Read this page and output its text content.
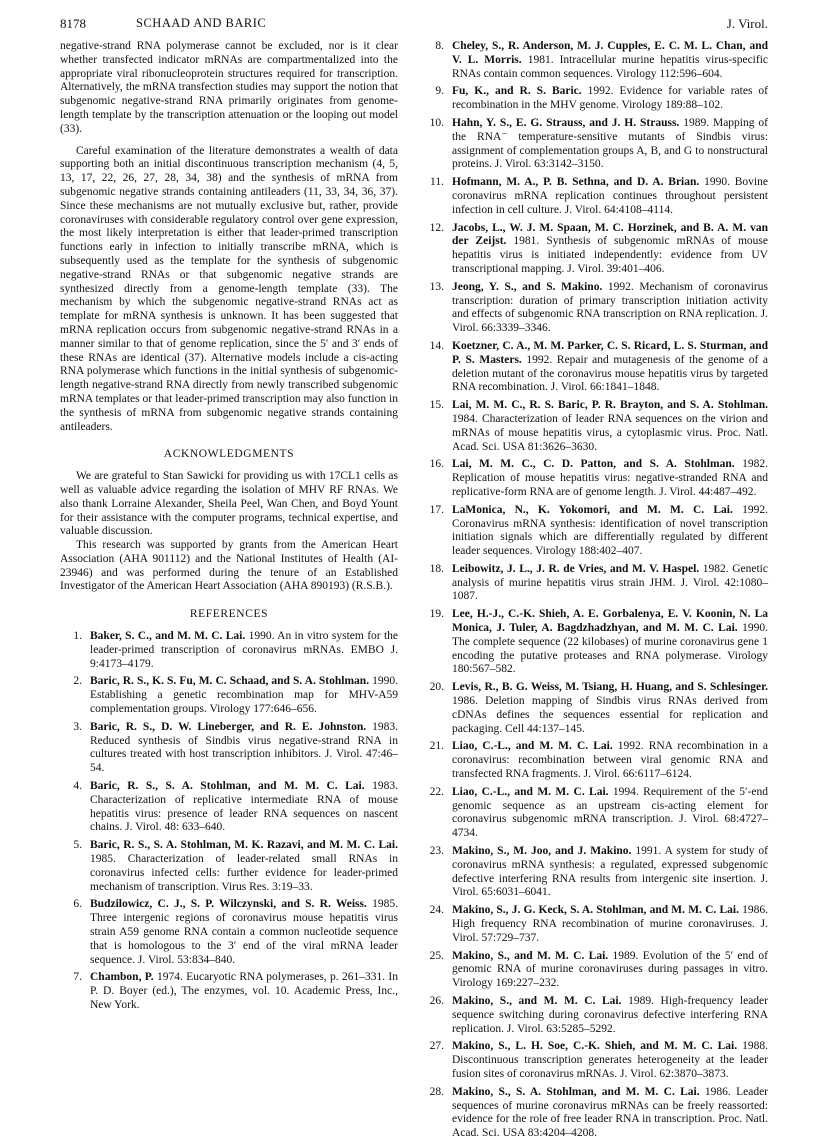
8178	SCHAAD AND BARIC	J. Virol.

negative-strand RNA polymerase cannot be excluded, nor is it clear whether transfected indicator mRNAs are compartmentalized into the appropriate viral ribonucleoprotein structures required for transcription. Alternatively, the mRNA transfection studies may support the notion that subgenomic negative-strand RNA primarily originates from genome-length template by the transcription attenuation or the looping out model (33).

Careful examination of the literature demonstrates a wealth of data supporting both an initial discontinuous transcription mechanism (4, 5, 13, 17, 22, 26, 27, 28, 34, 38) and the synthesis of mRNA from subgenomic negative strands containing antileaders (11, 33, 34, 36, 37). Since these mechanisms are not mutually exclusive but, rather, provide coronaviruses with considerable regulatory control over gene expression, the most likely interpretation is either that leader-primed transcription functions early in infection to initially transcribe mRNA, which is subsequently used as the template for the synthesis of subgenomic negative-strand RNAs or that subgenomic negative strands are synthesized directly from a genome-length template (33). The mechanism by which the subgenomic negative-strand RNAs act as template for mRNA synthesis is unknown. It has been suggested that mRNA replication occurs from subgenomic negative-strand RNAs in a manner similar to that of genome replication, since the 5′ and 3′ ends of these RNAs are identical (37). Alternative models include a cis-acting RNA polymerase which functions in the initial synthesis of subgenomic-length negative-strand RNA directly from newly transcribed subgenomic mRNA templates or that leader-primed transcription may also function in the synthesis of mRNA from subgenomic negative strands containing antileaders.

ACKNOWLEDGMENTS

We are grateful to Stan Sawicki for providing us with 17CL1 cells as well as valuable advice regarding the isolation of MHV RF RNAs. We also thank Lorraine Alexander, Sheila Peel, Wan Chen, and Boyd Yount for their assistance with the computer programs, technical expertise, and valuable discussion.

This research was supported by grants from the American Heart Association (AHA 901112) and the National Institutes of Health (AI-23946) and was performed during the tenure of an Established Investigator of the American Heart Association (AHA 890193) (R.S.B.).

REFERENCES

1. Baker, S. C., and M. M. C. Lai. 1990. An in vitro system for the leader-primed transcription of coronavirus mRNAs. EMBO J. 9:4173–4179.

2. Baric, R. S., K. S. Fu, M. C. Schaad, and S. A. Stohlman. 1990. Establishing a genetic recombination map for MHV-A59 complementation groups. Virology 177:646–656.

3. Baric, R. S., D. W. Lineberger, and R. E. Johnston. 1983. Reduced synthesis of Sindbis virus negative-strand RNA in cultures treated with host transcription inhibitors. J. Virol. 47:46–54.

4. Baric, R. S., S. A. Stohlman, and M. M. C. Lai. 1983. Characterization of replicative intermediate RNA of mouse hepatitis virus: presence of leader RNA sequences on nascent chains. J. Virol. 48: 633–640.

5. Baric, R. S., S. A. Stohlman, M. K. Razavi, and M. M. C. Lai. 1985. Characterization of leader-related small RNAs in coronavirus infected cells: further evidence for leader-primed mechanism of transcription. Virus Res. 3:19–33.

6. Budzilowicz, C. J., S. P. Wilczynski, and S. R. Weiss. 1985. Three intergenic regions of coronavirus mouse hepatitis virus strain A59 genome RNA contain a common nucleotide sequence that is homologous to the 3′ end of the viral mRNA leader sequence. J. Virol. 53:834–840.

7. Chambon, P. 1974. Eucaryotic RNA polymerases, p. 261–331. In P. D. Boyer (ed.), The enzymes, vol. 10. Academic Press, Inc., New York.

8. Cheley, S., R. Anderson, M. J. Cupples, E. C. M. L. Chan, and V. L. Morris. 1981. Intracellular murine hepatitis virus-specific RNAs contain common sequences. Virology 112:596–604.

9. Fu, K., and R. S. Baric. 1992. Evidence for variable rates of recombination in the MHV genome. Virology 189:88–102.

10. Hahn, Y. S., E. G. Strauss, and J. H. Strauss. 1989. Mapping of the RNA⁻ temperature-sensitive mutants of Sindbis virus: assignment of complementation groups A, B, and G to nonstructural proteins. J. Virol. 63:3142–3150.

11. Hofmann, M. A., P. B. Sethna, and D. A. Brian. 1990. Bovine coronavirus mRNA replication continues throughout persistent infection in cell culture. J. Virol. 64:4108–4114.

12. Jacobs, L., W. J. M. Spaan, M. C. Horzinek, and B. A. M. van der Zeijst. 1981. Synthesis of subgenomic mRNAs of mouse hepatitis virus is initiated independently: evidence from UV transcriptional mapping. J. Virol. 39:401–406.

13. Jeong, Y. S., and S. Makino. 1992. Mechanism of coronavirus transcription: duration of primary transcription initiation activity and effects of subgenomic RNA transcription on RNA replication. J. Virol. 66:3339–3346.

14. Koetzner, C. A., M. M. Parker, C. S. Ricard, L. S. Sturman, and P. S. Masters. 1992. Repair and mutagenesis of the genome of a deletion mutant of the coronavirus mouse hepatitis virus by targeted RNA recombination. J. Virol. 66:1841–1848.

15. Lai, M. M. C., R. S. Baric, P. R. Brayton, and S. A. Stohlman. 1984. Characterization of leader RNA sequences on the virion and mRNAs of mouse hepatitis virus, a cytoplasmic virus. Proc. Natl. Acad. Sci. USA 81:3626–3630.

16. Lai, M. M. C., C. D. Patton, and S. A. Stohlman. 1982. Replication of mouse hepatitis virus: negative-stranded RNA and replicative-form RNA are of genome length. J. Virol. 44:487–492.

17. LaMonica, N., K. Yokomori, and M. M. C. Lai. 1992. Coronavirus mRNA synthesis: identification of novel transcription initiation signals which are differentially regulated by different leader sequences. Virology 188:402–407.

18. Leibowitz, J. L., J. R. de Vries, and M. V. Haspel. 1982. Genetic analysis of murine hepatitis virus strain JHM. J. Virol. 42:1080–1087.

19. Lee, H.-J., C.-K. Shieh, A. E. Gorbalenya, E. V. Koonin, N. La Monica, J. Tuler, A. Bagdzhadzhyan, and M. M. C. Lai. 1990. The complete sequence (22 kilobases) of murine coronavirus gene 1 encoding the putative proteases and RNA polymerase. Virology 180:567–582.

20. Levis, R., B. G. Weiss, M. Tsiang, H. Huang, and S. Schlesinger. 1986. Deletion mapping of Sindbis virus RNAs derived from cDNAs defines the sequences essential for replication and packaging. Cell 44:137–145.

21. Liao, C.-L., and M. M. C. Lai. 1992. RNA recombination in a coronavirus: recombination between viral genomic RNA and transfected RNA fragments. J. Virol. 66:6117–6124.

22. Liao, C.-L., and M. M. C. Lai. 1994. Requirement of the 5′-end genomic sequence as an upstream cis-acting element for coronavirus subgenomic mRNA transcription. J. Virol. 68:4727–4734.

23. Makino, S., M. Joo, and J. Makino. 1991. A system for study of coronavirus mRNA synthesis: a regulated, expressed subgenomic defective interfering RNA results from intergenic site insertion. J. Virol. 65:6031–6041.

24. Makino, S., J. G. Keck, S. A. Stohlman, and M. M. C. Lai. 1986. High frequency RNA recombination of murine coronaviruses. J. Virol. 57:729–737.

25. Makino, S., and M. M. C. Lai. 1989. Evolution of the 5′ end of genomic RNA of murine coronaviruses during passages in vitro. Virology 169:227–232.

26. Makino, S., and M. M. C. Lai. 1989. High-frequency leader sequence switching during coronavirus defective interfering RNA replication. J. Virol. 63:5285–5292.

27. Makino, S., L. H. Soe, C.-K. Shieh, and M. M. C. Lai. 1988. Discontinuous transcription generates heterogeneity at the leader fusion sites of coronavirus mRNAs. J. Virol. 62:3870–3873.

28. Makino, S., S. A. Stohlman, and M. M. C. Lai. 1986. Leader sequences of murine coronavirus mRNAs can be freely reassorted: evidence for the role of free leader RNA in transcription. Proc. Natl. Acad. Sci. USA 83:4204–4208.
